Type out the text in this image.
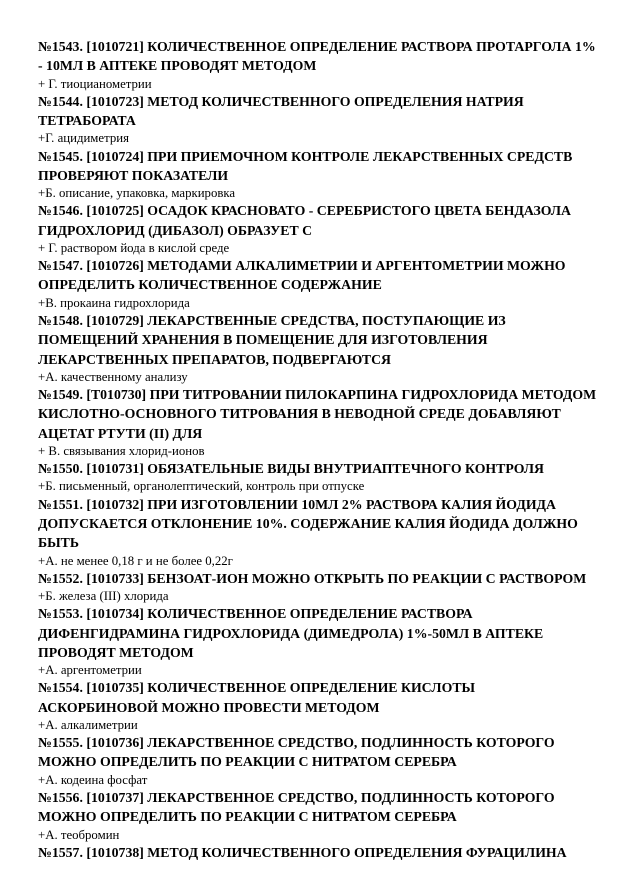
№1543. [1010721] КОЛИЧЕСТВЕННОЕ ОПРЕДЕЛЕНИЕ РАСТВОРА ПРОТАРГОЛА 1% - 10МЛ В АПТЕКЕ ПРОВОДЯТ МЕТОДОМ
+ Г. тиоцианометрии
№1544. [1010723] МЕТОД КОЛИЧЕСТВЕННОГО ОПРЕДЕЛЕНИЯ НАТРИЯ ТЕТРАБОРАТА
+Г. ацидиметрия
№1545. [1010724] ПРИ ПРИЕМОЧНОМ КОНТРОЛЕ ЛЕКАРСТВЕННЫХ СРЕДСТВ ПРОВЕРЯЮТ ПОКАЗАТЕЛИ
+Б. описание, упаковка, маркировка
№1546. [1010725] ОСАДОК КРАСНОВАТО - СЕРЕБРИСТОГО ЦВЕТА БЕНДАЗОЛА ГИДРОХЛОРИД (ДИБАЗОЛ) ОБРАЗУЕТ С
+ Г. раствором йода в кислой среде
№1547. [1010726] МЕТОДАМИ АЛКАЛИМЕТРИИ И АРГЕНТОМЕТРИИ МОЖНО ОПРЕДЕЛИТЬ КОЛИЧЕСТВЕННОЕ СОДЕРЖАНИЕ
+В. прокаина гидрохлорида
№1548. [1010729] ЛЕКАРСТВЕННЫЕ СРЕДСТВА, ПОСТУПАЮЩИЕ ИЗ ПОМЕЩЕНИЙ ХРАНЕНИЯ В ПОМЕЩЕНИЕ ДЛЯ ИЗГОТОВЛЕНИЯ ЛЕКАРСТВЕННЫХ ПРЕПАРАТОВ, ПОДВЕРГАЮТСЯ
+А. качественному анализу
№1549. [Т010730] ПРИ ТИТРОВАНИИ ПИЛОКАРПИНА ГИДРОХЛОРИДА МЕТОДОМ КИСЛОТНО-ОСНОВНОГО ТИТРОВАНИЯ В НЕВОДНОЙ СРЕДЕ ДОБАВЛЯЮТ АЦЕТАТ РТУТИ (II) ДЛЯ
+ В. связывания хлорид-ионов
№1550. [1010731] ОБЯЗАТЕЛЬНЫЕ ВИДЫ ВНУТРИАПТЕЧНОГО КОНТРОЛЯ
+Б. письменный, органолептический, контроль при отпуске
№1551. [1010732] ПРИ ИЗГОТОВЛЕНИИ 10МЛ 2% РАСТВОРА КАЛИЯ ЙОДИДА ДОПУСКАЕТСЯ ОТКЛОНЕНИЕ 10%. СОДЕРЖАНИЕ КАЛИЯ ЙОДИДА ДОЛЖНО БЫТЬ
+А. не менее 0,18 г и не более 0,22г
№1552. [1010733] БЕНЗОАТ-ИОН МОЖНО ОТКРЫТЬ ПО РЕАКЦИИ С РАСТВОРОМ
+Б. железа (III) хлорида
№1553. [1010734] КОЛИЧЕСТВЕННОЕ ОПРЕДЕЛЕНИЕ РАСТВОРА ДИФЕНГИДРАМИНА ГИДРОХЛОРИДА (ДИМЕДРОЛА) 1%-50МЛ В АПТЕКЕ ПРОВОДЯТ МЕТОДОМ
+А. аргентометрии
№1554. [1010735] КОЛИЧЕСТВЕННОЕ ОПРЕДЕЛЕНИЕ КИСЛОТЫ АСКОРБИНОВОЙ МОЖНО ПРОВЕСТИ МЕТОДОМ
+А. алкалиметрии
№1555. [1010736] ЛЕКАРСТВЕННОЕ СРЕДСТВО, ПОДЛИННОСТЬ КОТОРОГО МОЖНО ОПРЕДЕЛИТЬ ПО РЕАКЦИИ С НИТРАТОМ СЕРЕБРА
+А. кодеина фосфат
№1556. [1010737] ЛЕКАРСТВЕННОЕ СРЕДСТВО, ПОДЛИННОСТЬ КОТОРОГО МОЖНО ОПРЕДЕЛИТЬ ПО РЕАКЦИИ С НИТРАТОМ СЕРЕБРА
+А. теобромин
№1557. [1010738] МЕТОД КОЛИЧЕСТВЕННОГО ОПРЕДЕЛЕНИЯ ФУРАЦИЛИНА
